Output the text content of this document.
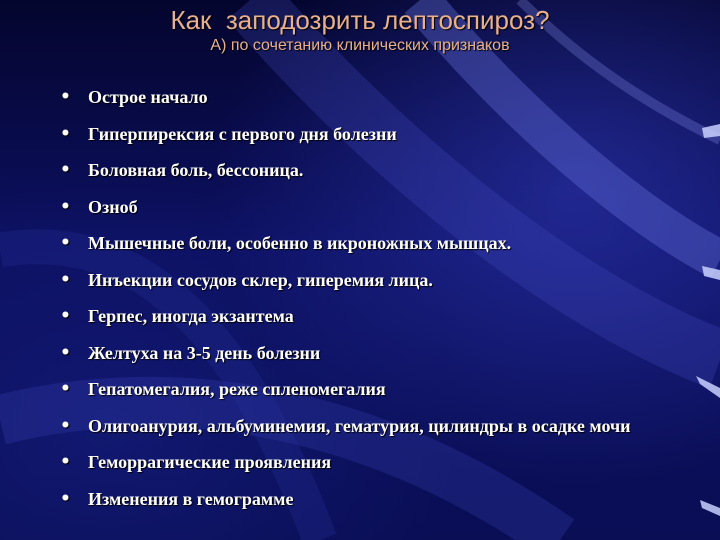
Как  заподозрить лептоспироз?
А) по сочетанию клинических признаков
• Острое начало
• Гиперпирексия с первого дня болезни
• Боловная боль, бессоница.
• Озноб
• Мышечные боли, особенно в икроножных мышцах.
• Инъекции сосудов склер, гиперемия лица.
• Герпес, иногда экзантема
• Желтуха на 3-5 день болезни
• Гепатомегалия, реже спленомегалия
• Олигоанурия, альбуминемия, гематурия, цилиндры в осадке мочи
• Геморрагические проявления
• Изменения в гемограмме
